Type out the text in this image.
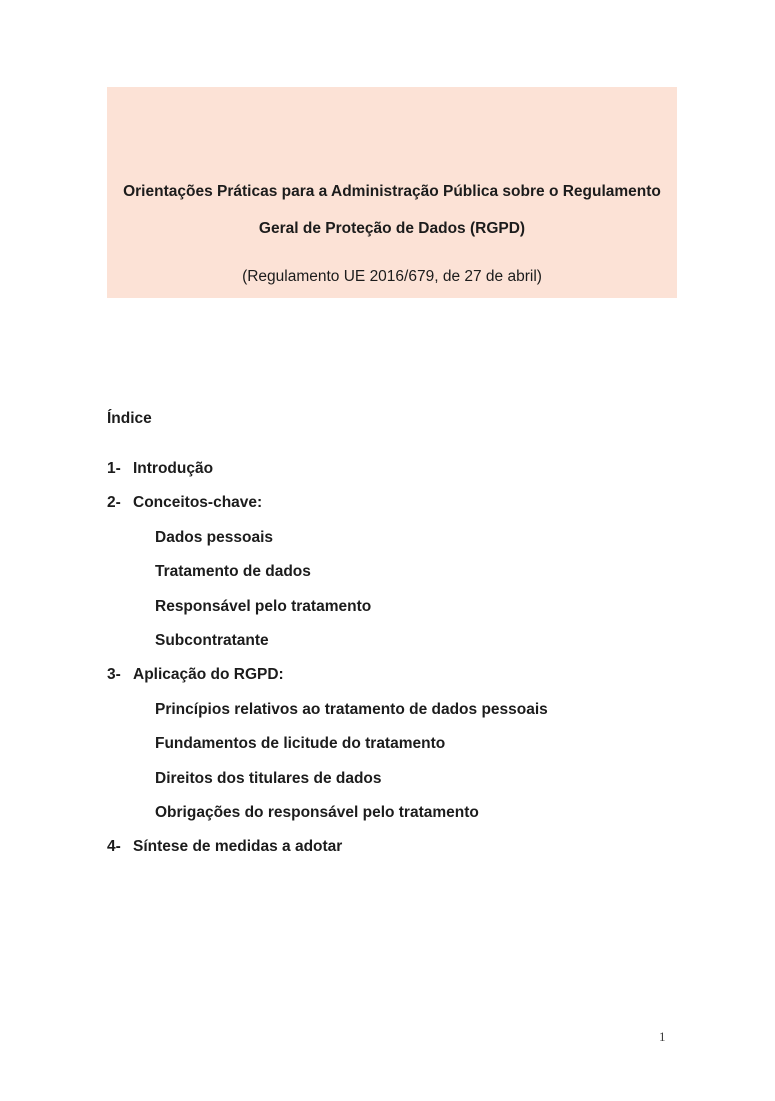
Orientações Práticas para a Administração Pública sobre o Regulamento
Geral de Proteção de Dados (RGPD)
(Regulamento UE 2016/679, de 27 de abril)
Índice
1- Introdução
2- Conceitos-chave:
Dados pessoais
Tratamento de dados
Responsável pelo tratamento
Subcontratante
3- Aplicação do RGPD:
Princípios relativos ao tratamento de dados pessoais
Fundamentos de licitude do tratamento
Direitos dos titulares de dados
Obrigações do responsável pelo tratamento
4- Síntese de medidas a adotar
1
